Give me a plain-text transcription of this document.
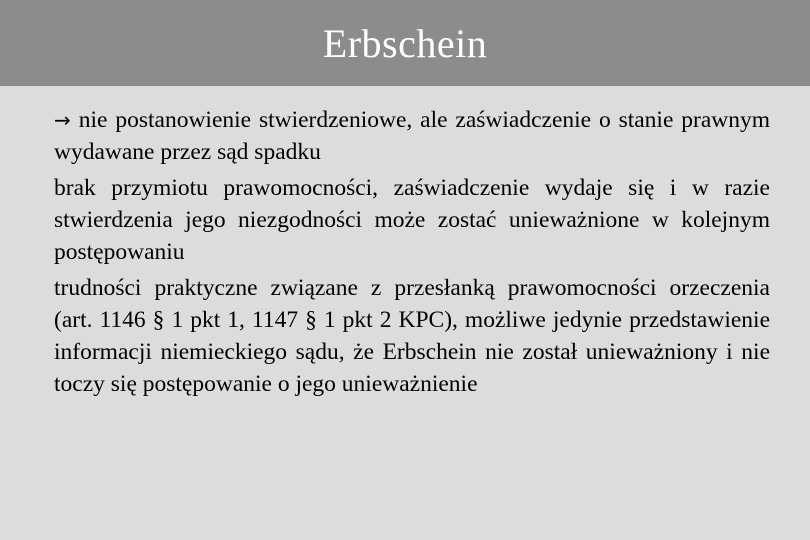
Erbschein

→ nie postanowienie stwierdzeniowe, ale zaświadczenie o stanie prawnym wydawane przez sąd spadku

brak przymiotu prawomocności, zaświadczenie wydaje się i w razie stwierdzenia jego niezgodności może zostać unieważnione w kolejnym postępowaniu

trudności praktyczne związane z przesłanką prawomocności orzeczenia (art. 1146 § 1 pkt 1, 1147 § 1 pkt 2 KPC), możliwe jedynie przedstawienie informacji niemieckiego sądu, że Erbschein nie został unieważniony i nie toczy się postępowanie o jego unieważnienie
